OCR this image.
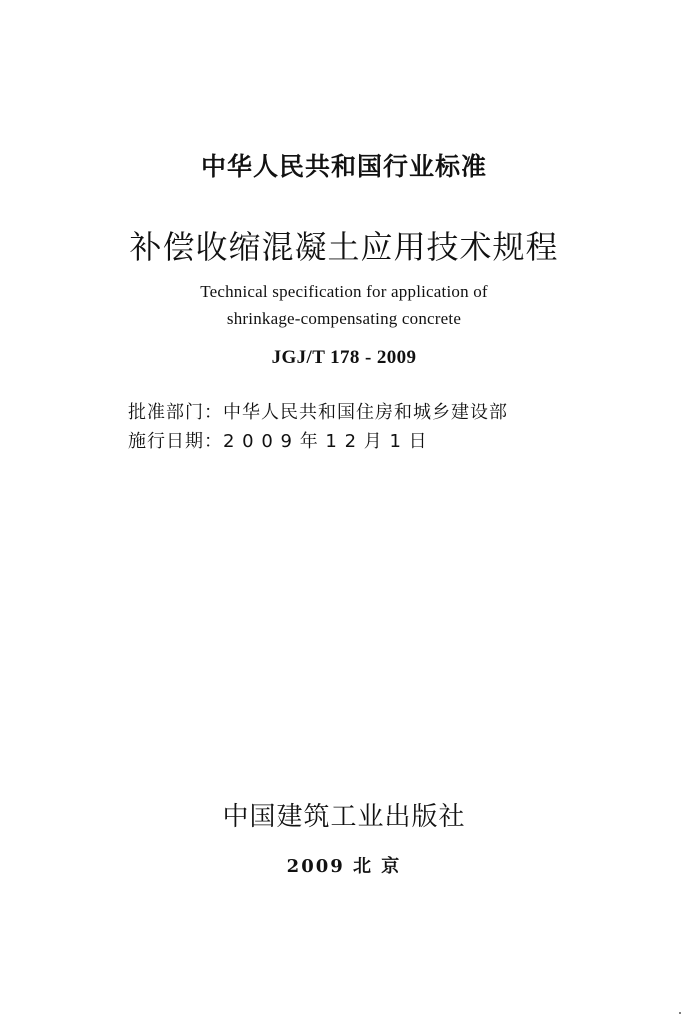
中华人民共和国行业标准
补偿收缩混凝土应用技术规程
Technical specification for application of
shrinkage-compensating concrete
JGJ/T 178 - 2009
批准部门：中华人民共和国住房和城乡建设部
施行日期：2 0 0 9 年 1 2 月 1 日
中国建筑工业出版社
2009 北 京
